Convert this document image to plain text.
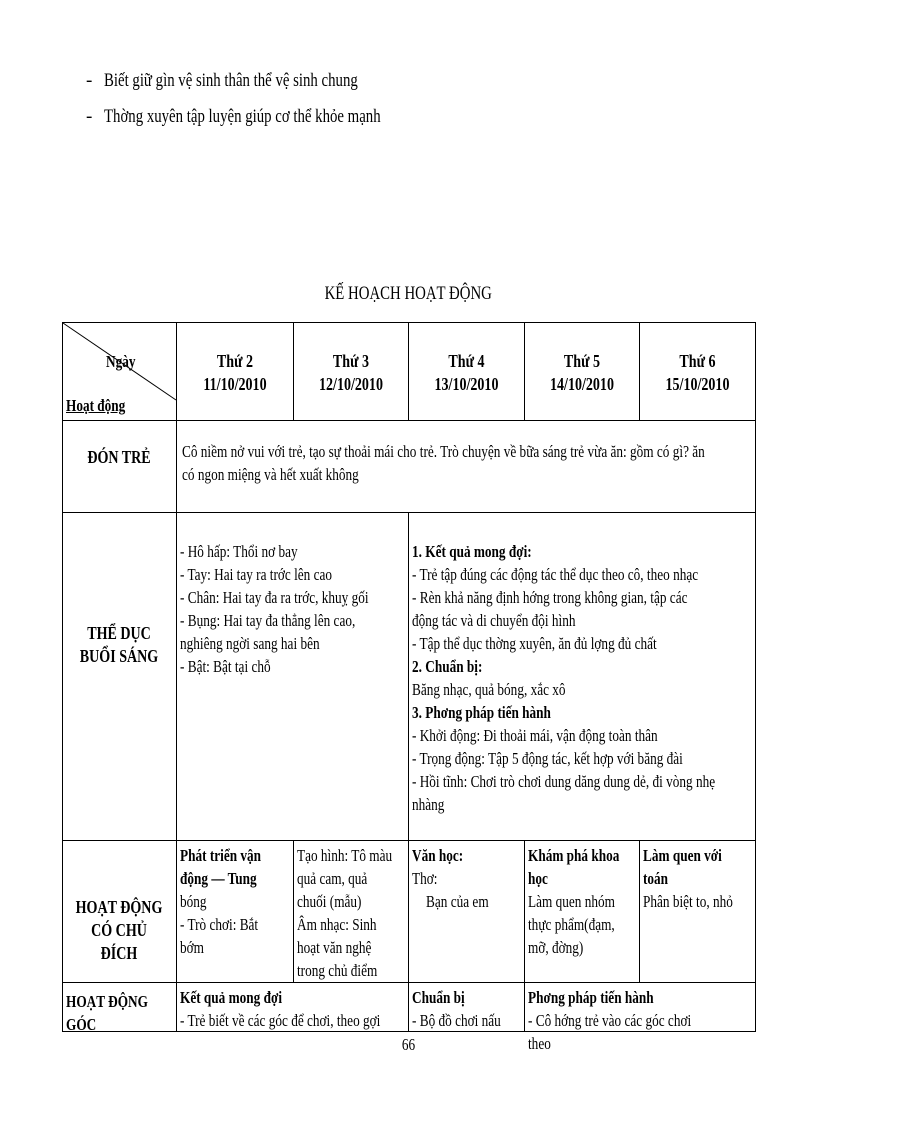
- Biết giữ gìn vệ sinh thân thể vệ sinh chung
- Thờng xuyên tập luyện giúp cơ thể khỏe mạnh
KẾ HOẠCH HOẠT ĐỘNG
Ngày
Hoạt động
Thứ 2
11/10/2010
Thứ 3
12/10/2010
Thứ 4
13/10/2010
Thứ 5
14/10/2010
Thứ 6
15/10/2010
ĐÓN TRẺ	Cô niềm nở vui với trẻ, tạo sự thoải mái cho trẻ. Trò chuyện về bữa sáng trẻ vừa ăn: gồm có gì? ăn
có ngon miệng và hết xuất không
THỂ DỤC
BUỔI SÁNG
- Hô hấp: Thổi nơ bay
- Tay: Hai tay ra trớc lên cao
- Chân: Hai tay đa ra trớc, khuỵ gối
- Bụng: Hai tay đa thẳng lên cao,
nghiêng ngời sang hai bên
- Bật: Bật tại chỗ
1. Kết quả mong đợi:
- Trẻ tập đúng các động tác thể dục theo cô, theo nhạc
- Rèn khả năng định hớng trong không gian, tập các
động tác và di chuyển đội hình
- Tập thể dục thờng xuyên, ăn đủ lợng đủ chất
2. Chuẩn bị:
Băng nhạc, quả bóng, xắc xô
3. Phơng pháp tiến hành
- Khởi động: Đi thoải mái, vận động toàn thân
- Trọng động: Tập 5 động tác, kết hợp với băng đài
- Hồi tĩnh: Chơi trò chơi dung dăng dung dẻ, đi vòng nhẹ
nhàng
HOẠT ĐỘNG
CÓ CHỦ ĐÍCH
Phát triển vận
động — Tung
bóng
- Trò chơi: Bắt
bớm
Tạo hình: Tô màu
quả cam, quả
chuối (mẫu)
Âm nhạc: Sinh
hoạt văn nghệ
trong chủ điểm
Văn học:
Thơ:
Bạn của em
Khám phá khoa
học
Làm quen nhóm
thực phẩm(đạm,
mỡ, đờng)
Làm quen với
toán
Phân biệt to, nhỏ
HOẠT ĐỘNG
GÓC
Kết quả mong đợi
- Trẻ biết về các góc để chơi, theo gợi
Chuẩn bị
- Bộ đồ chơi nấu
Phơng pháp tiến hành
- Cô hớng trẻ vào các góc chơi theo
66
